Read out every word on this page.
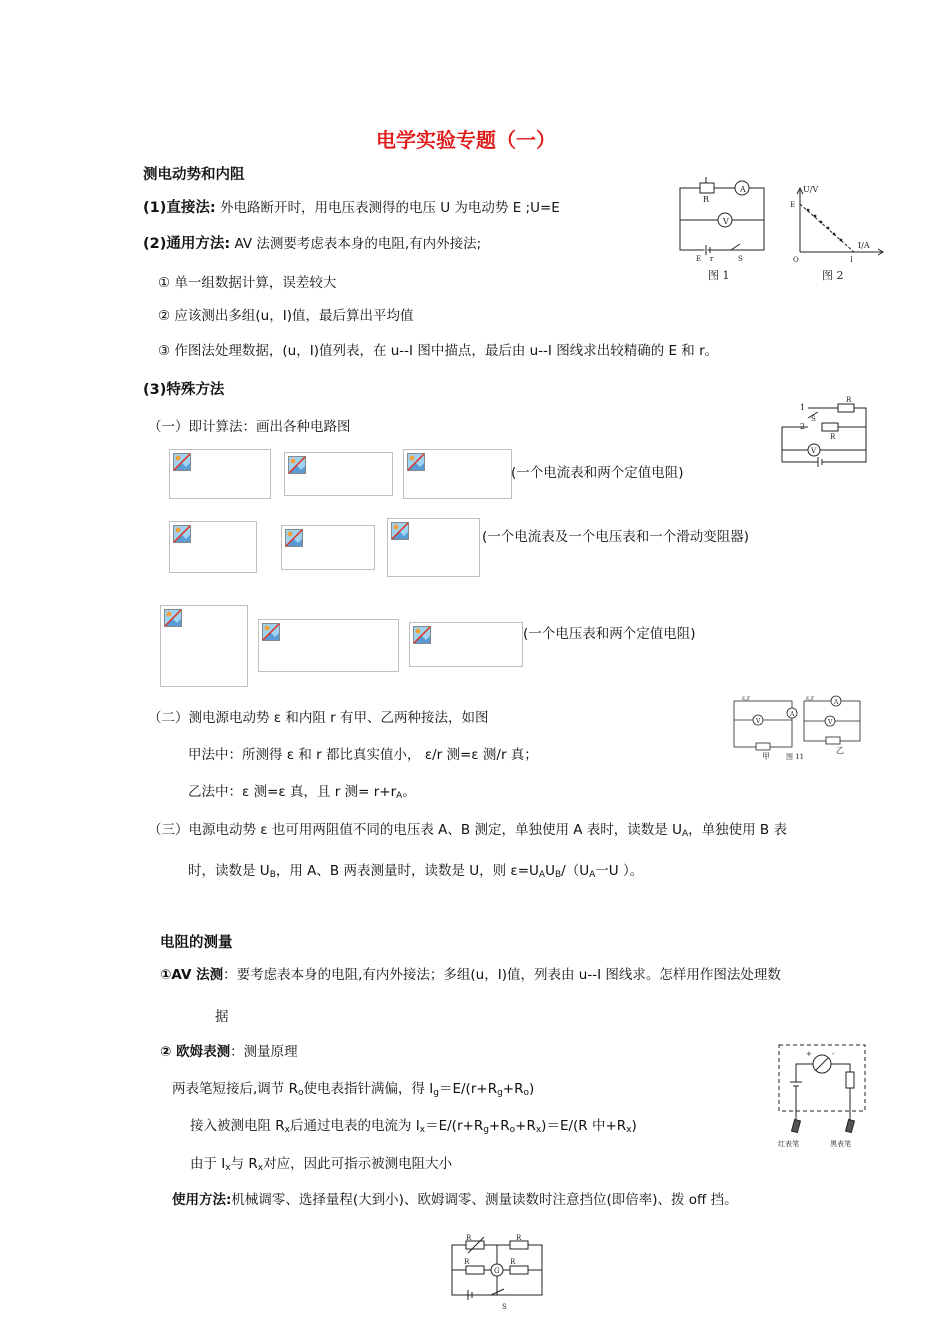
电学实验专题（一）
测电动势和内阻
(1)直接法: 外电路断开时，用电压表测得的电压 U 为电动势 E ;U=E
(2)通用方法: AV 法测要考虑表本身的电阻,有内外接法;
① 单一组数据计算，误差较大
② 应该测出多组(u，I)值，最后算出平均值
③ 作图法处理数据，(u，I)值列表，在 u--I 图中描点，最后由 u--I 图线求出较精确的 E 和 r。
(3)特殊方法
（一）即计算法：画出各种电路图
A
V
R
E r	S
图 1
U/V
E
I/A
O	I
图 2
1
2
S
R
R
V
(一个电流表和两个定值电阻)
(一个电流表及一个电压表和一个滑动变阻器)
(一个电压表和两个定值电阻)
（二）测电源电动势 ε 和内阻 r 有甲、乙两种接法，如图
ε,r	ε,r
V
A
A
V
甲 图 11
乙
甲法中：所测得 ε 和 r 都比真实值小， ε/r 测=ε 测/r 真；
乙法中：ε 测=ε 真，且 r 测= $r+r_A$。
（三）电源电动势 ε 也可用两阻值不同的电压表 A、B 测定，单独使用 A 表时，读数是 $U_A$，单独使用 B 表
时，读数是 $U_B$，用 A、B 两表测量时，读数是 U，则 $\varepsilon=U_AU_B/(U_A$一U ）。
电阻的测量
①AV 法测：要考虑表本身的电阻,有内外接法；多组(u，I)值，列表由 u--I 图线求。怎样用作图法处理数
据
② 欧姆表测：测量原理
两表笔短接后,调节 $R_o$使电表指针满偏，得 $I_g=E/(r+R_g+R_o)$
接入被测电阻 $R_x$后通过电表的电流为 $I_x=E/(r+R_g+R_o+R_x)=E/(R$ 中$+R_x$)
由于 $I_x$与 $R_x$对应，因此可指示被测电阻大小
+	-
红表笔	黑表笔
使用方法:机械调零、选择量程(大到小)、欧姆调零、测量读数时注意挡位(即倍率)、拨 off 挡。
R	R
R	R
G
S
